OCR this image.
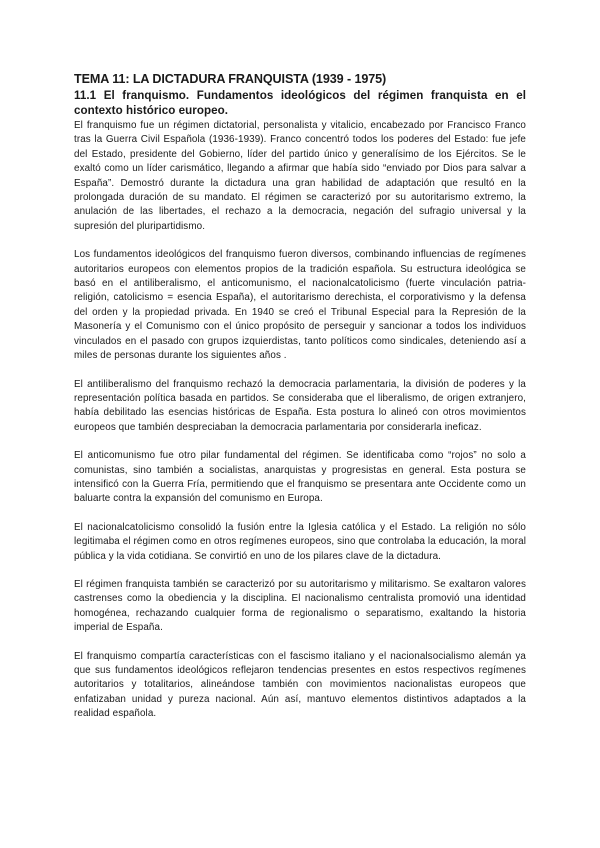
TEMA 11: LA DICTADURA FRANQUISTA (1939 - 1975)
11.1 El franquismo. Fundamentos ideológicos del régimen franquista en el contexto histórico europeo.

El franquismo fue un régimen dictatorial, personalista y vitalicio, encabezado por Francisco Franco tras la Guerra Civil Española (1936-1939). Franco concentró todos los poderes del Estado: fue jefe del Estado, presidente del Gobierno, líder del partido único y generalísimo de los Ejércitos. Se le exaltó como un líder carismático, llegando a afirmar que había sido “enviado por Dios para salvar a España”. Demostró durante la dictadura una gran habilidad de adaptación que resultó en la prolongada duración de su mandato. El régimen se caracterizó por su autoritarismo extremo, la anulación de las libertades, el rechazo a la democracia, negación del sufragio universal y la supresión del pluripartidismo.

Los fundamentos ideológicos del franquismo fueron diversos, combinando influencias de regímenes autoritarios europeos con elementos propios de la tradición española. Su estructura ideológica se basó en el antiliberalismo, el anticomunismo, el nacionalcatolicismo (fuerte vinculación patria-religión, catolicismo = esencia España), el autoritarismo derechista, el corporativismo y la defensa del orden y la propiedad privada. En 1940 se creó el Tribunal Especial para la Represión de la Masonería y el Comunismo con el único propósito de perseguir y sancionar a todos los individuos vinculados en el pasado con grupos izquierdistas, tanto políticos como sindicales, deteniendo así a miles de personas durante los siguientes años .

El antiliberalismo del franquismo rechazó la democracia parlamentaria, la división de poderes y la representación política basada en partidos. Se consideraba que el liberalismo, de origen extranjero, había debilitado las esencias históricas de España. Esta postura lo alineó con otros movimientos europeos que también despreciaban la democracia parlamentaria por considerarla ineficaz.

El anticomunismo fue otro pilar fundamental del régimen. Se identificaba como “rojos” no solo a comunistas, sino también a socialistas, anarquistas y progresistas en general. Esta postura se intensificó con la Guerra Fría, permitiendo que el franquismo se presentara ante Occidente como un baluarte contra la expansión del comunismo en Europa.

El nacionalcatolicismo consolidó la fusión entre la Iglesia católica y el Estado. La religión no sólo legitimaba el régimen como en otros regímenes europeos, sino que controlaba la educación, la moral pública y la vida cotidiana. Se convirtió en uno de los pilares clave de la dictadura.

El régimen franquista también se caracterizó por su autoritarismo y militarismo. Se exaltaron valores castrenses como la obediencia y la disciplina. El nacionalismo centralista promovió una identidad homogénea, rechazando cualquier forma de regionalismo o separatismo, exaltando la historia imperial de España.

El franquismo compartía características con el fascismo italiano y el nacionalsocialismo alemán ya que sus fundamentos ideológicos reflejaron tendencias presentes en estos respectivos regímenes autoritarios y totalitarios, alineándose también con movimientos nacionalistas europeos que enfatizaban unidad y pureza nacional. Aún así, mantuvo elementos distintivos adaptados a la realidad española.
